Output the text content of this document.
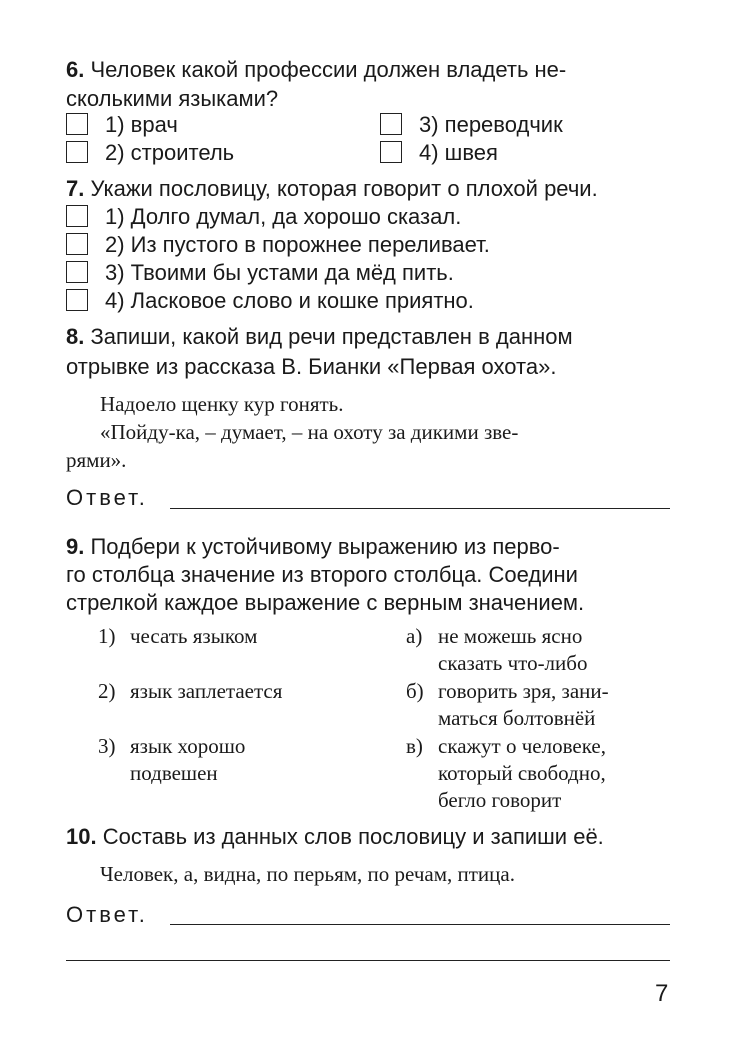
6. Человек какой профессии должен владеть не-
сколькими языками?
1) врач
2) строитель
3) переводчик
4) швея
7. Укажи пословицу, которая говорит о плохой речи.
1) Долго думал, да хорошо сказал.
2) Из пустого в порожнее переливает.
3) Твоими бы устами да мёд пить.
4) Ласковое слово и кошке приятно.
8. Запиши, какой вид речи представлен в данном
отрывке из рассказа В. Бианки «Первая охота».
Надоело щенку кур гонять.
«Пойду-ка, – думает, – на охоту за дикими зве-
рями».
Ответ.
9. Подбери к устойчивому выражению из перво-
го столбца значение из второго столбца. Соедини
стрелкой каждое выражение с верным значением.
1) чесать языком
2) язык заплетается
3) язык хорошо
подвешен
а) не можешь ясно
сказать что-либо
б) говорить зря, зани-
маться болтовнёй
в) скажут о человеке,
который свободно,
бегло говорит
10. Составь из данных слов пословицу и запиши её.
Человек, а, видна, по перьям, по речам, птица.
Ответ.
7
